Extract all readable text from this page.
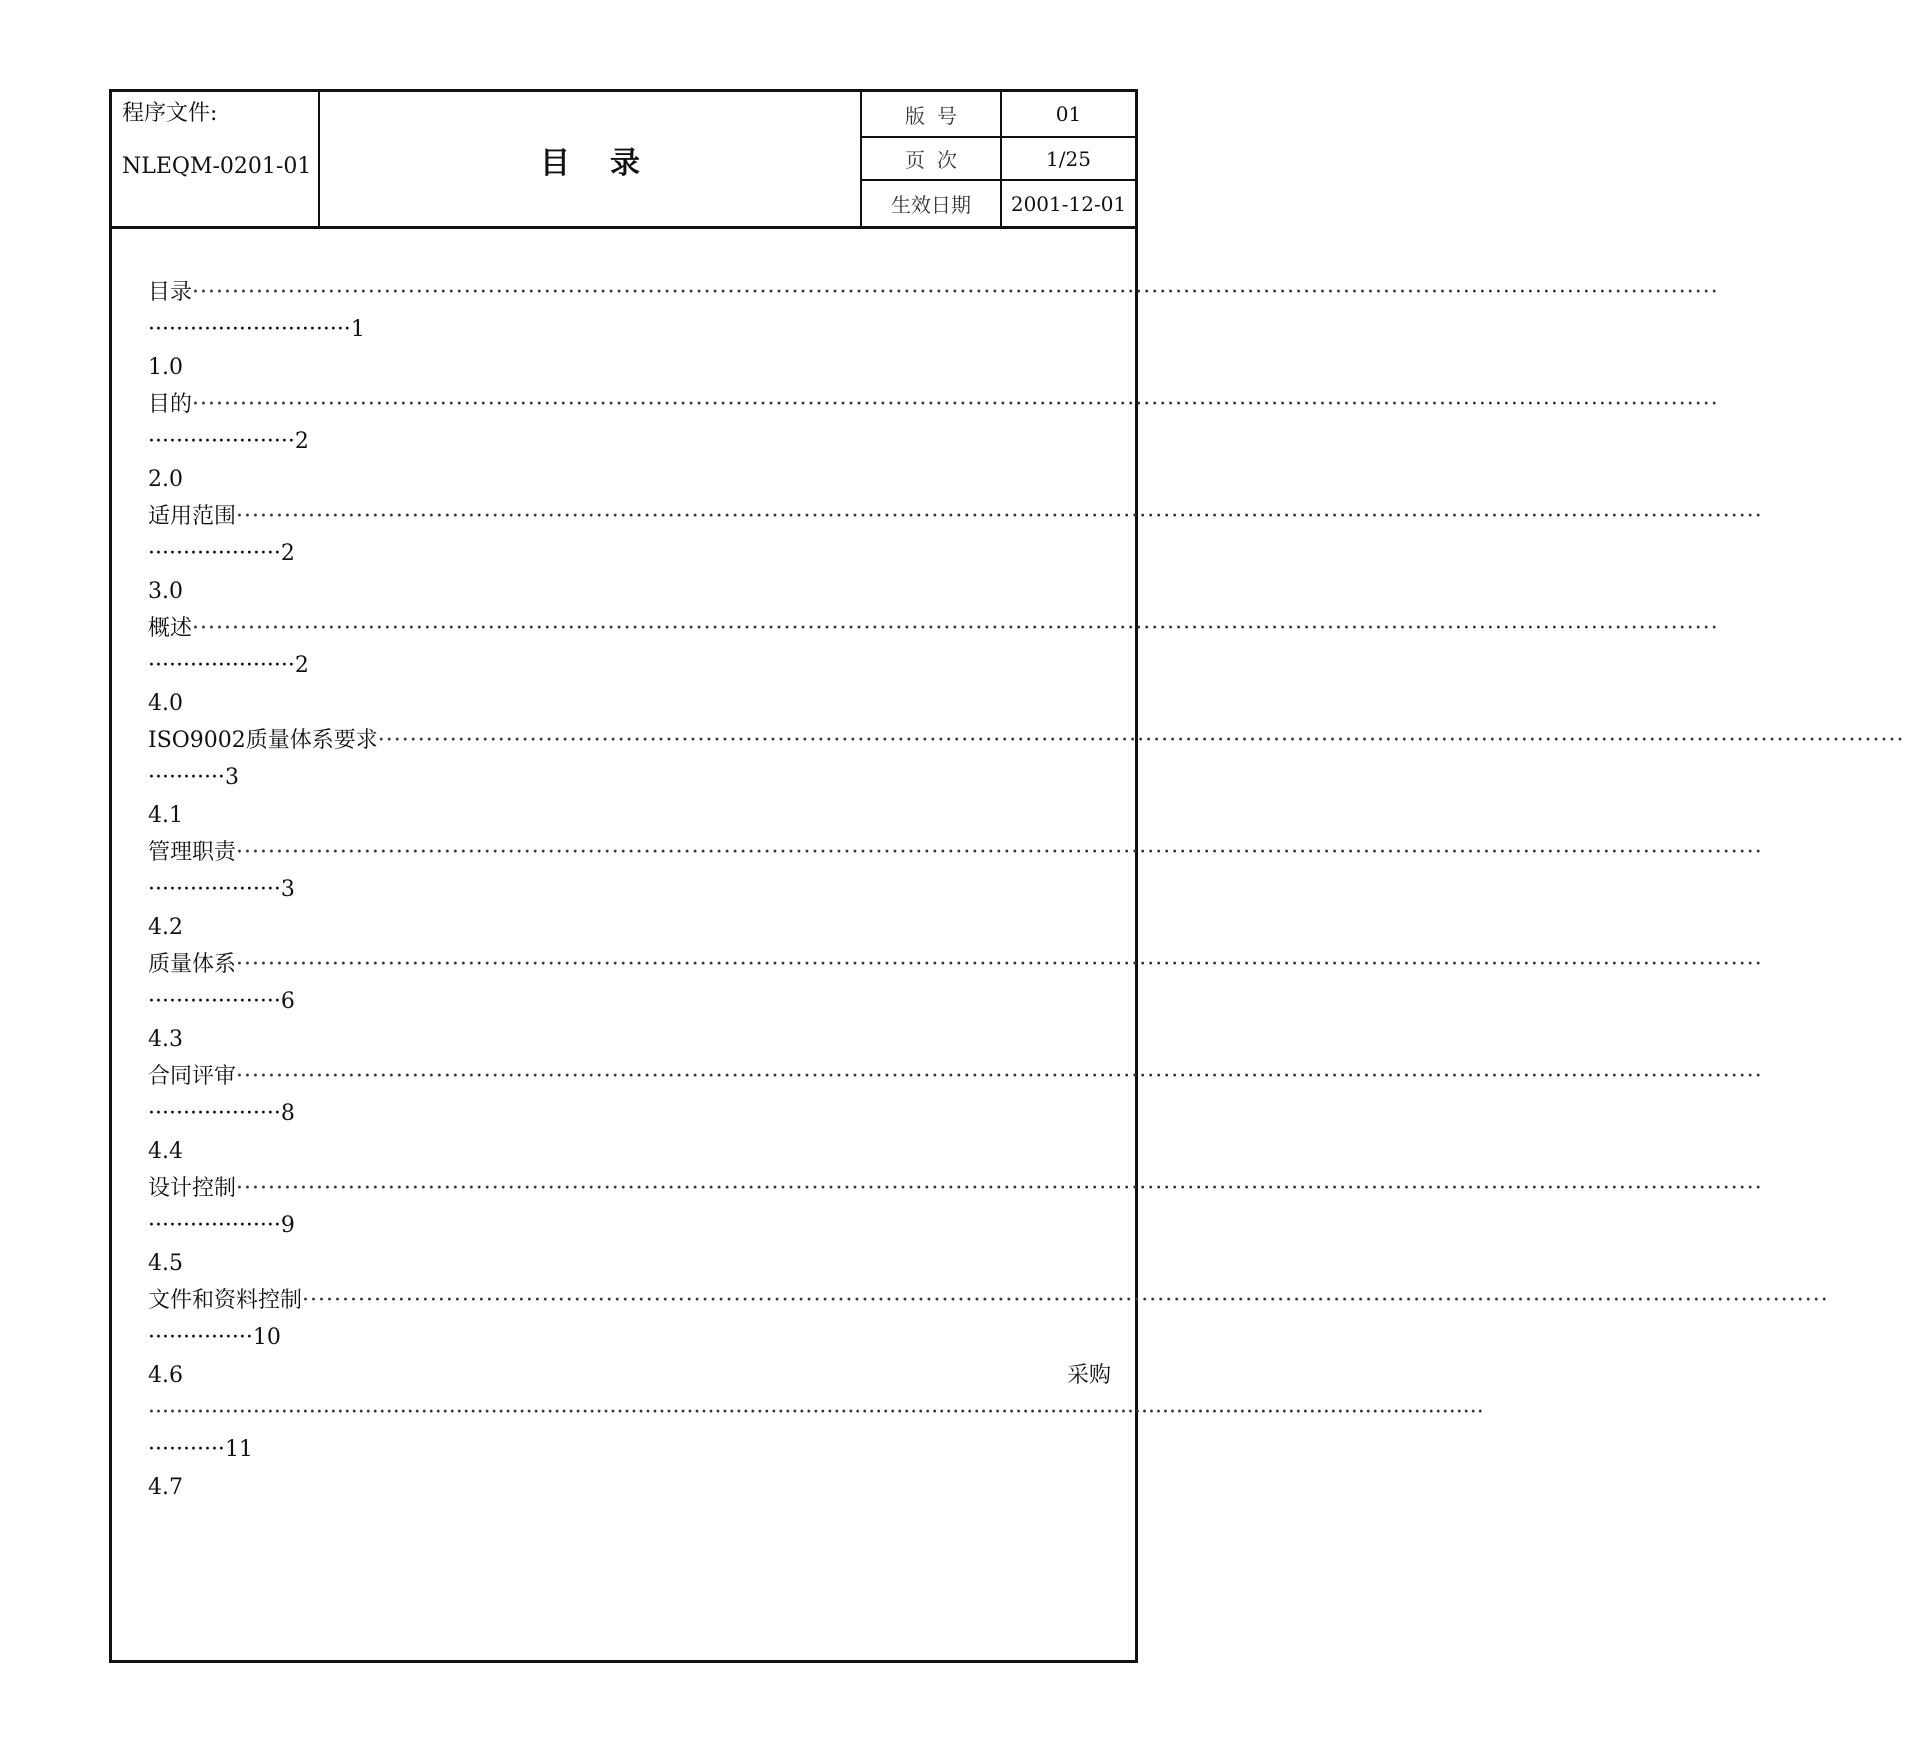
程序文件:
NLEQM-0201-01	目录
版号
页次
生效日期
01
1/25
2001-12-01
目录 ·······························································································································································································
·····························1
1.0
目的 ·······························································································································································································
·····················2
2.0
适用范围 ·······························································································································································································
···················2
3.0
概述 ·······························································································································································································
·····················2
4.0
ISO9002质量体系要求 ·······························································································································································································
···········3
4.1
管理职责 ·······························································································································································································
···················3
4.2
质量体系 ·······························································································································································································
···················6
4.3
合同评审 ·······························································································································································································
···················8
4.4
设计控制 ·······························································································································································································
···················9
4.5
文件和资料控制 ·······························································································································································································
···············10
4.6	采购
·······························································································································································································
···········11
4.7
